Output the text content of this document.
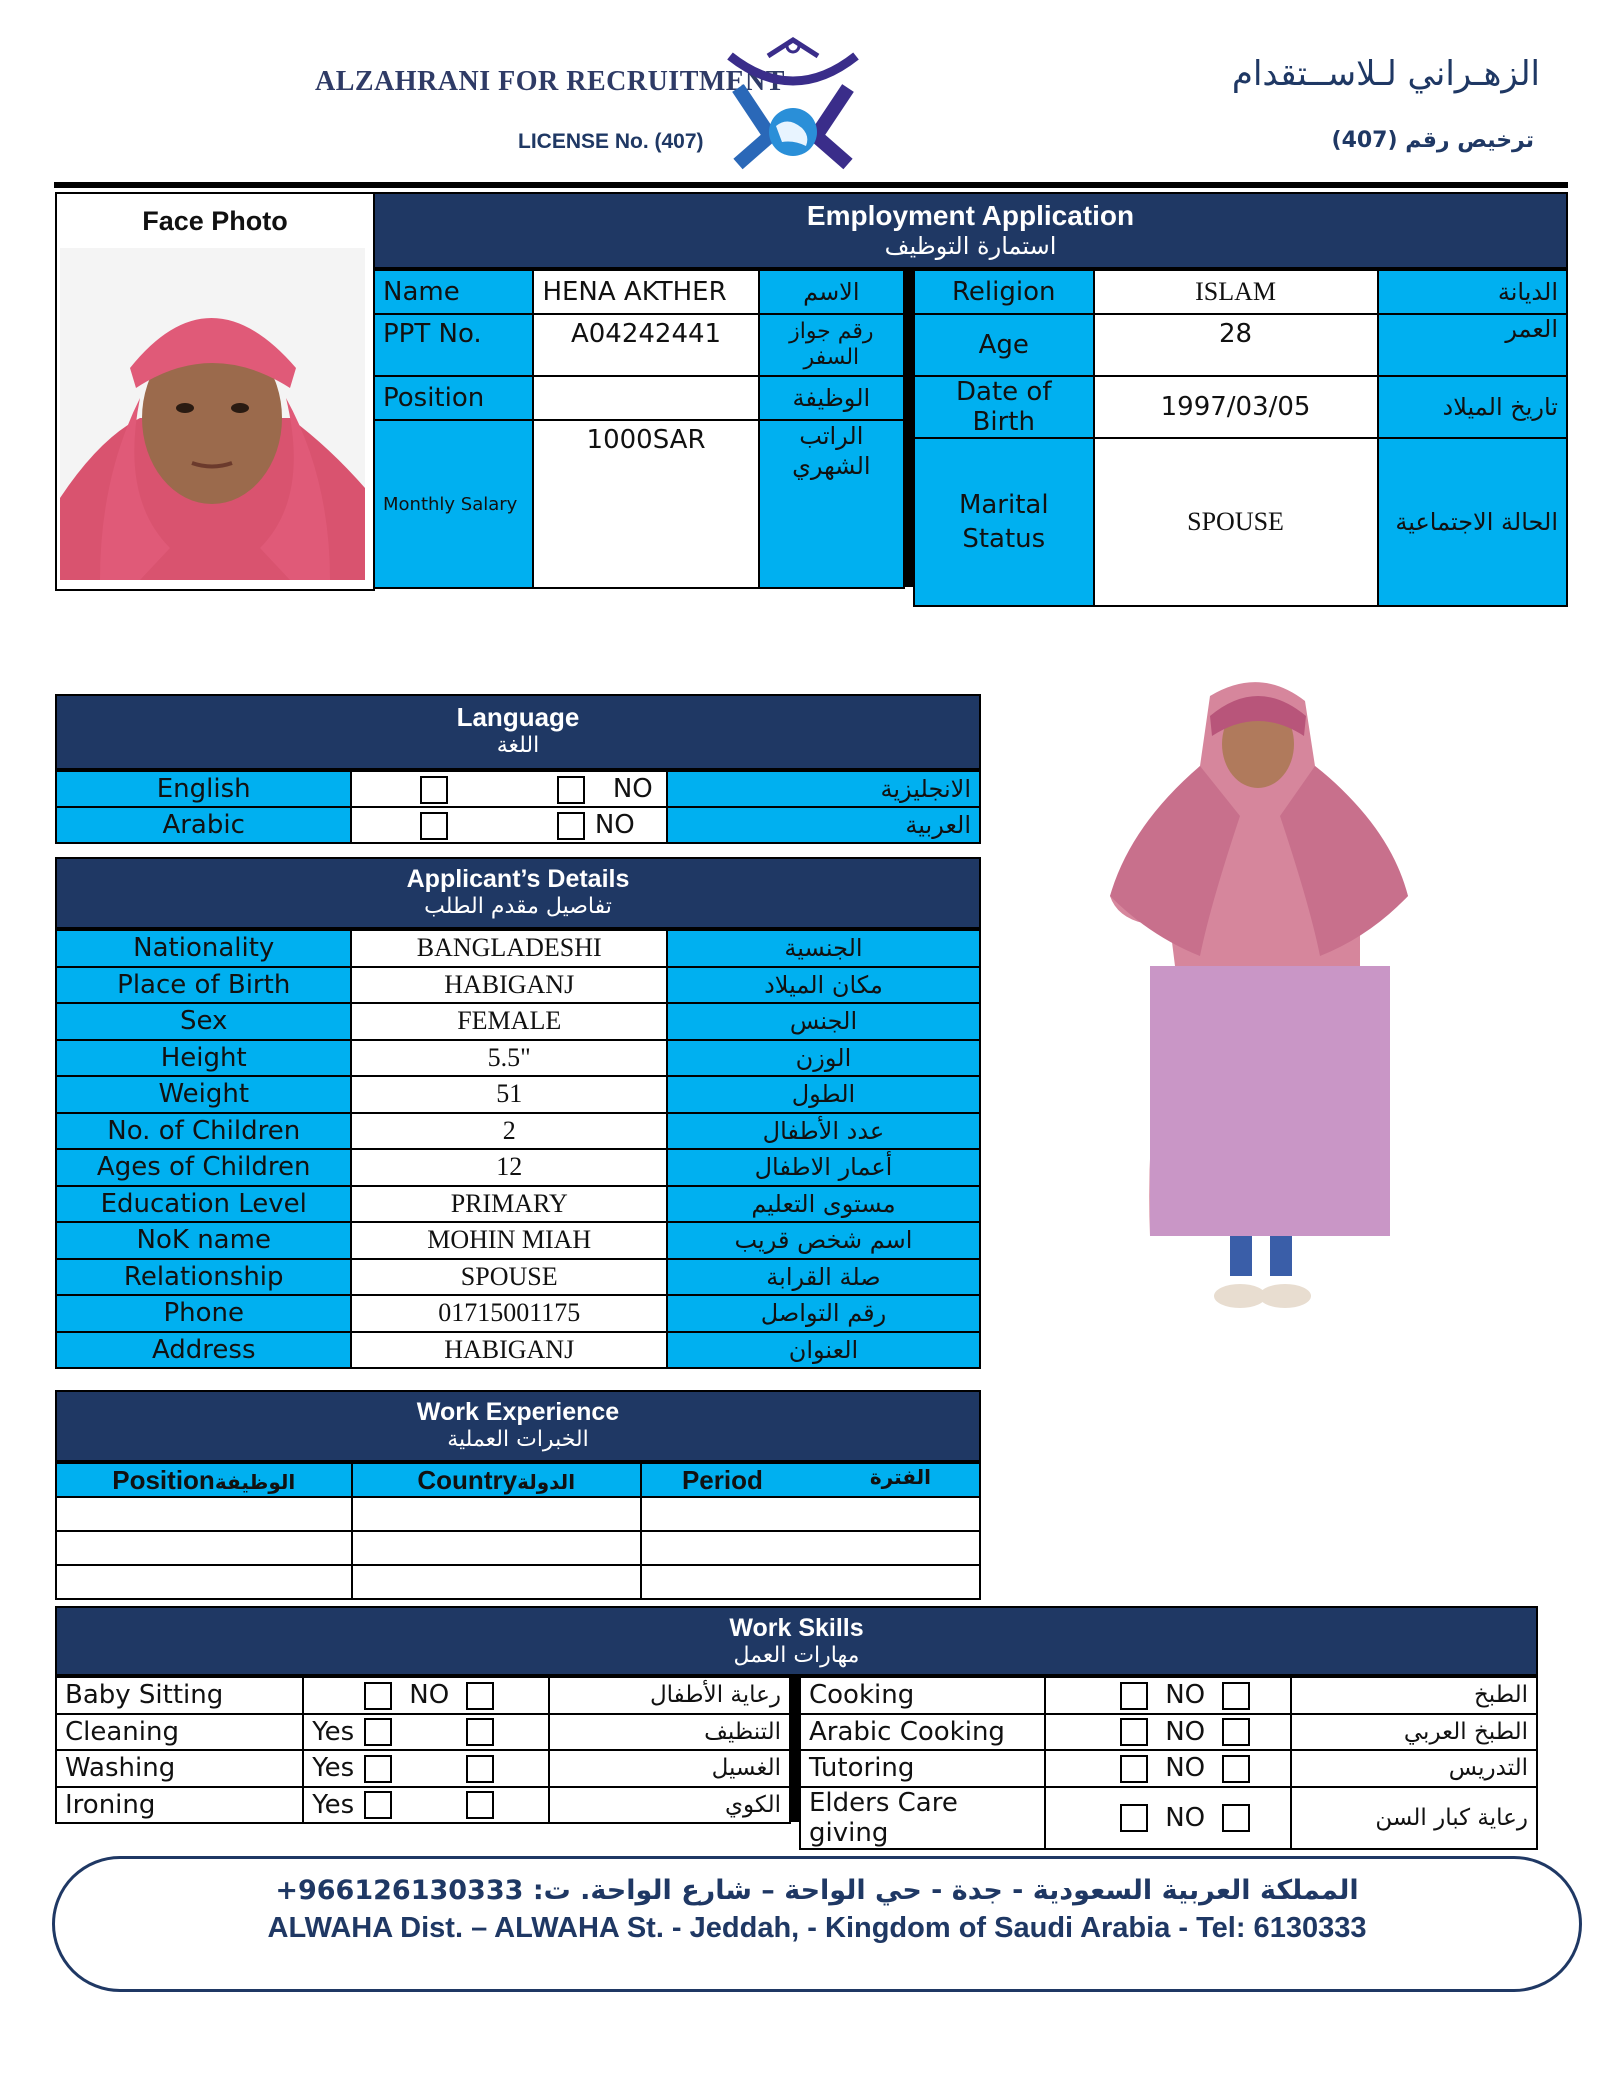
ALZAHRANI FOR RECRUITMENT
LICENSE No. (407)
الزهـراني لـلاســتقدام
ترخيص رقم (407)
Face Photo	Employment Application
استمارة التوظيف
Name	HENA AKTHER	الاسم
PPT No.	A04242441	رقم جواز السفر
Position		الوظيفة
Monthly Salary	1000SAR	الراتب الشهري
Religion	ISLAM	الديانة
Age	28	العمر
Date of Birth	1997/03/05	تاريخ الميلاد
Marital Status	SPOUSE	الحالة الاجتماعية
Language
اللغة
English	NO	الانجليزية
Arabic	NO	العربية
Applicant’s Details
تفاصيل مقدم الطلب
Nationality	BANGLADESHI	الجنسية
Place of Birth	HABIGANJ	مكان الميلاد
Sex	FEMALE	الجنس
Height	5.5"	الوزن
Weight	51	الطول
No. of Children	2	عدد الأطفال
Ages of Children	12	أعمار الاطفال
Education Level	PRIMARY	مستوى التعليم
NoK name	MOHIN MIAH	اسم شخص قريب
Relationship	SPOUSE	صلة القرابة
Phone	01715001175	رقم التواصل
Address	HABIGANJ	العنوان
Work Experience
الخبرات العملية
Positionالوظيفة	Countryالدولة	Period الفترة

Work Skills
مهارات العمل
Baby Sitting	NO	رعاية الأطفال
Cleaning	Yes	التنظيف
Washing	Yes	الغسيل
Ironing	Yes	الكوي
Cooking	NO	الطبخ
Arabic Cooking	NO	الطبخ العربي
Tutoring	NO	التدريس
Elders Care giving	NO	رعاية كبار السن
المملكة العربية السعودية - جدة - حي الواحة – شارع الواحة. ت: 966126130333+
ALWAHA Dist. – ALWAHA St. - Jeddah, - Kingdom of Saudi Arabia - Tel: 6130333
